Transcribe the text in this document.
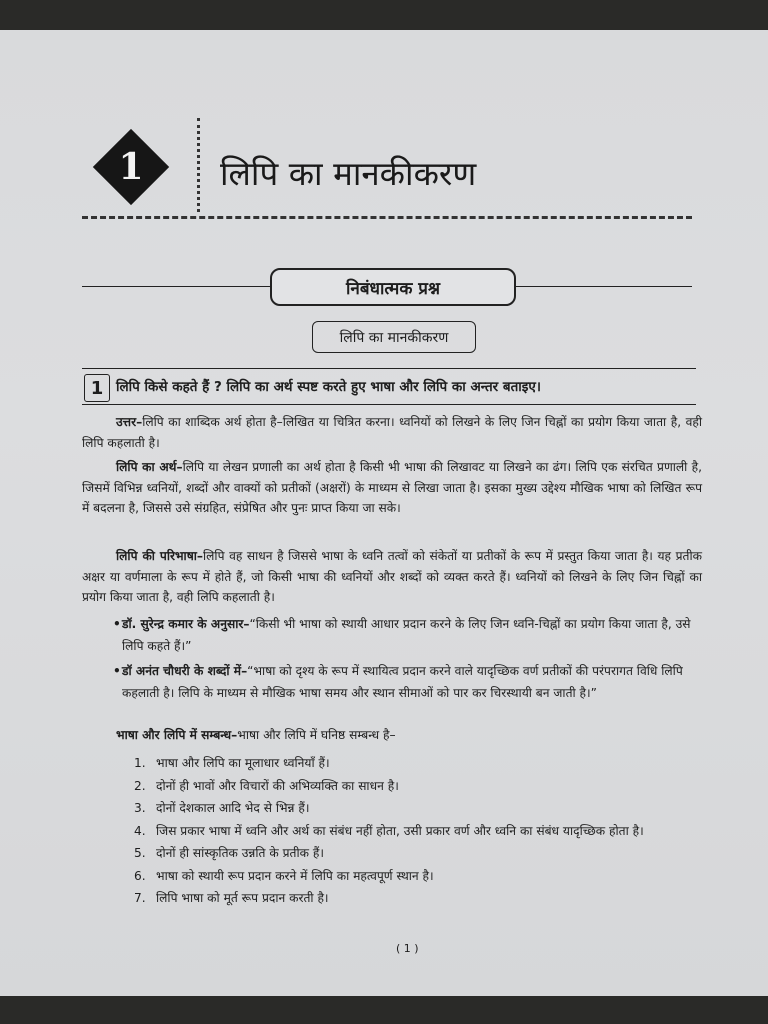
1	लिपि का मानकीकरण
निबंधात्मक प्रश्न
लिपि का मानकीकरण
1 लिपि किसे कहते हैं ? लिपि का अर्थ स्पष्ट करते हुए भाषा और लिपि का अन्तर बताइए।

उत्तर–लिपि का शाब्दिक अर्थ होता है–लिखित या चित्रित करना। ध्वनियों को लिखने के लिए जिन चिह्नों का प्रयोग किया जाता है, वही लिपि कहलाती है।

लिपि का अर्थ–लिपि या लेखन प्रणाली का अर्थ होता है किसी भी भाषा की लिखावट या लिखने का ढंग। लिपि एक संरचित प्रणाली है, जिसमें विभिन्न ध्वनियों, शब्दों और वाक्यों को प्रतीकों (अक्षरों) के माध्यम से लिखा जाता है। इसका मुख्य उद्देश्य मौखिक भाषा को लिखित रूप में बदलना है, जिससे उसे संग्रहित, संप्रेषित और पुनः प्राप्त किया जा सके।

लिपि की परिभाषा–लिपि वह साधन है जिससे भाषा के ध्वनि तत्वों को संकेतों या प्रतीकों के रूप में प्रस्तुत किया जाता है। यह प्रतीक अक्षर या वर्णमाला के रूप में होते हैं, जो किसी भाषा की ध्वनियों और शब्दों को व्यक्त करते हैं। ध्वनियों को लिखने के लिए जिन चिह्नों का प्रयोग किया जाता है, वही लिपि कहलाती है।

• डॉ. सुरेन्द्र कमार के अनुसार–“किसी भी भाषा को स्थायी आधार प्रदान करने के लिए जिन ध्वनि-चिह्नों का प्रयोग किया जाता है, उसे लिपि कहते हैं।”

• डॉ अनंत चौधरी के शब्दों में–“भाषा को दृश्य के रूप में स्थायित्व प्रदान करने वाले यादृच्छिक वर्ण प्रतीकों की परंपरागत विधि लिपि कहलाती है। लिपि के माध्यम से मौखिक भाषा समय और स्थान सीमाओं को पार कर चिरस्थायी बन जाती है।”

भाषा और लिपि में सम्बन्ध–भाषा और लिपि में घनिष्ठ सम्बन्ध है–
1. भाषा और लिपि का मूलाधार ध्वनियाँ हैं।
2. दोनों ही भावों और विचारों की अभिव्यक्ति का साधन है।
3. दोनों देशकाल आदि भेद से भिन्न हैं।
4. जिस प्रकार भाषा में ध्वनि और अर्थ का संबंध नहीं होता, उसी प्रकार वर्ण और ध्वनि का संबंध यादृच्छिक होता है।
5. दोनों ही सांस्कृतिक उन्नति के प्रतीक हैं।
6. भाषा को स्थायी रूप प्रदान करने में लिपि का महत्वपूर्ण स्थान है।
7. लिपि भाषा को मूर्त रूप प्रदान करती है।
( 1 )
